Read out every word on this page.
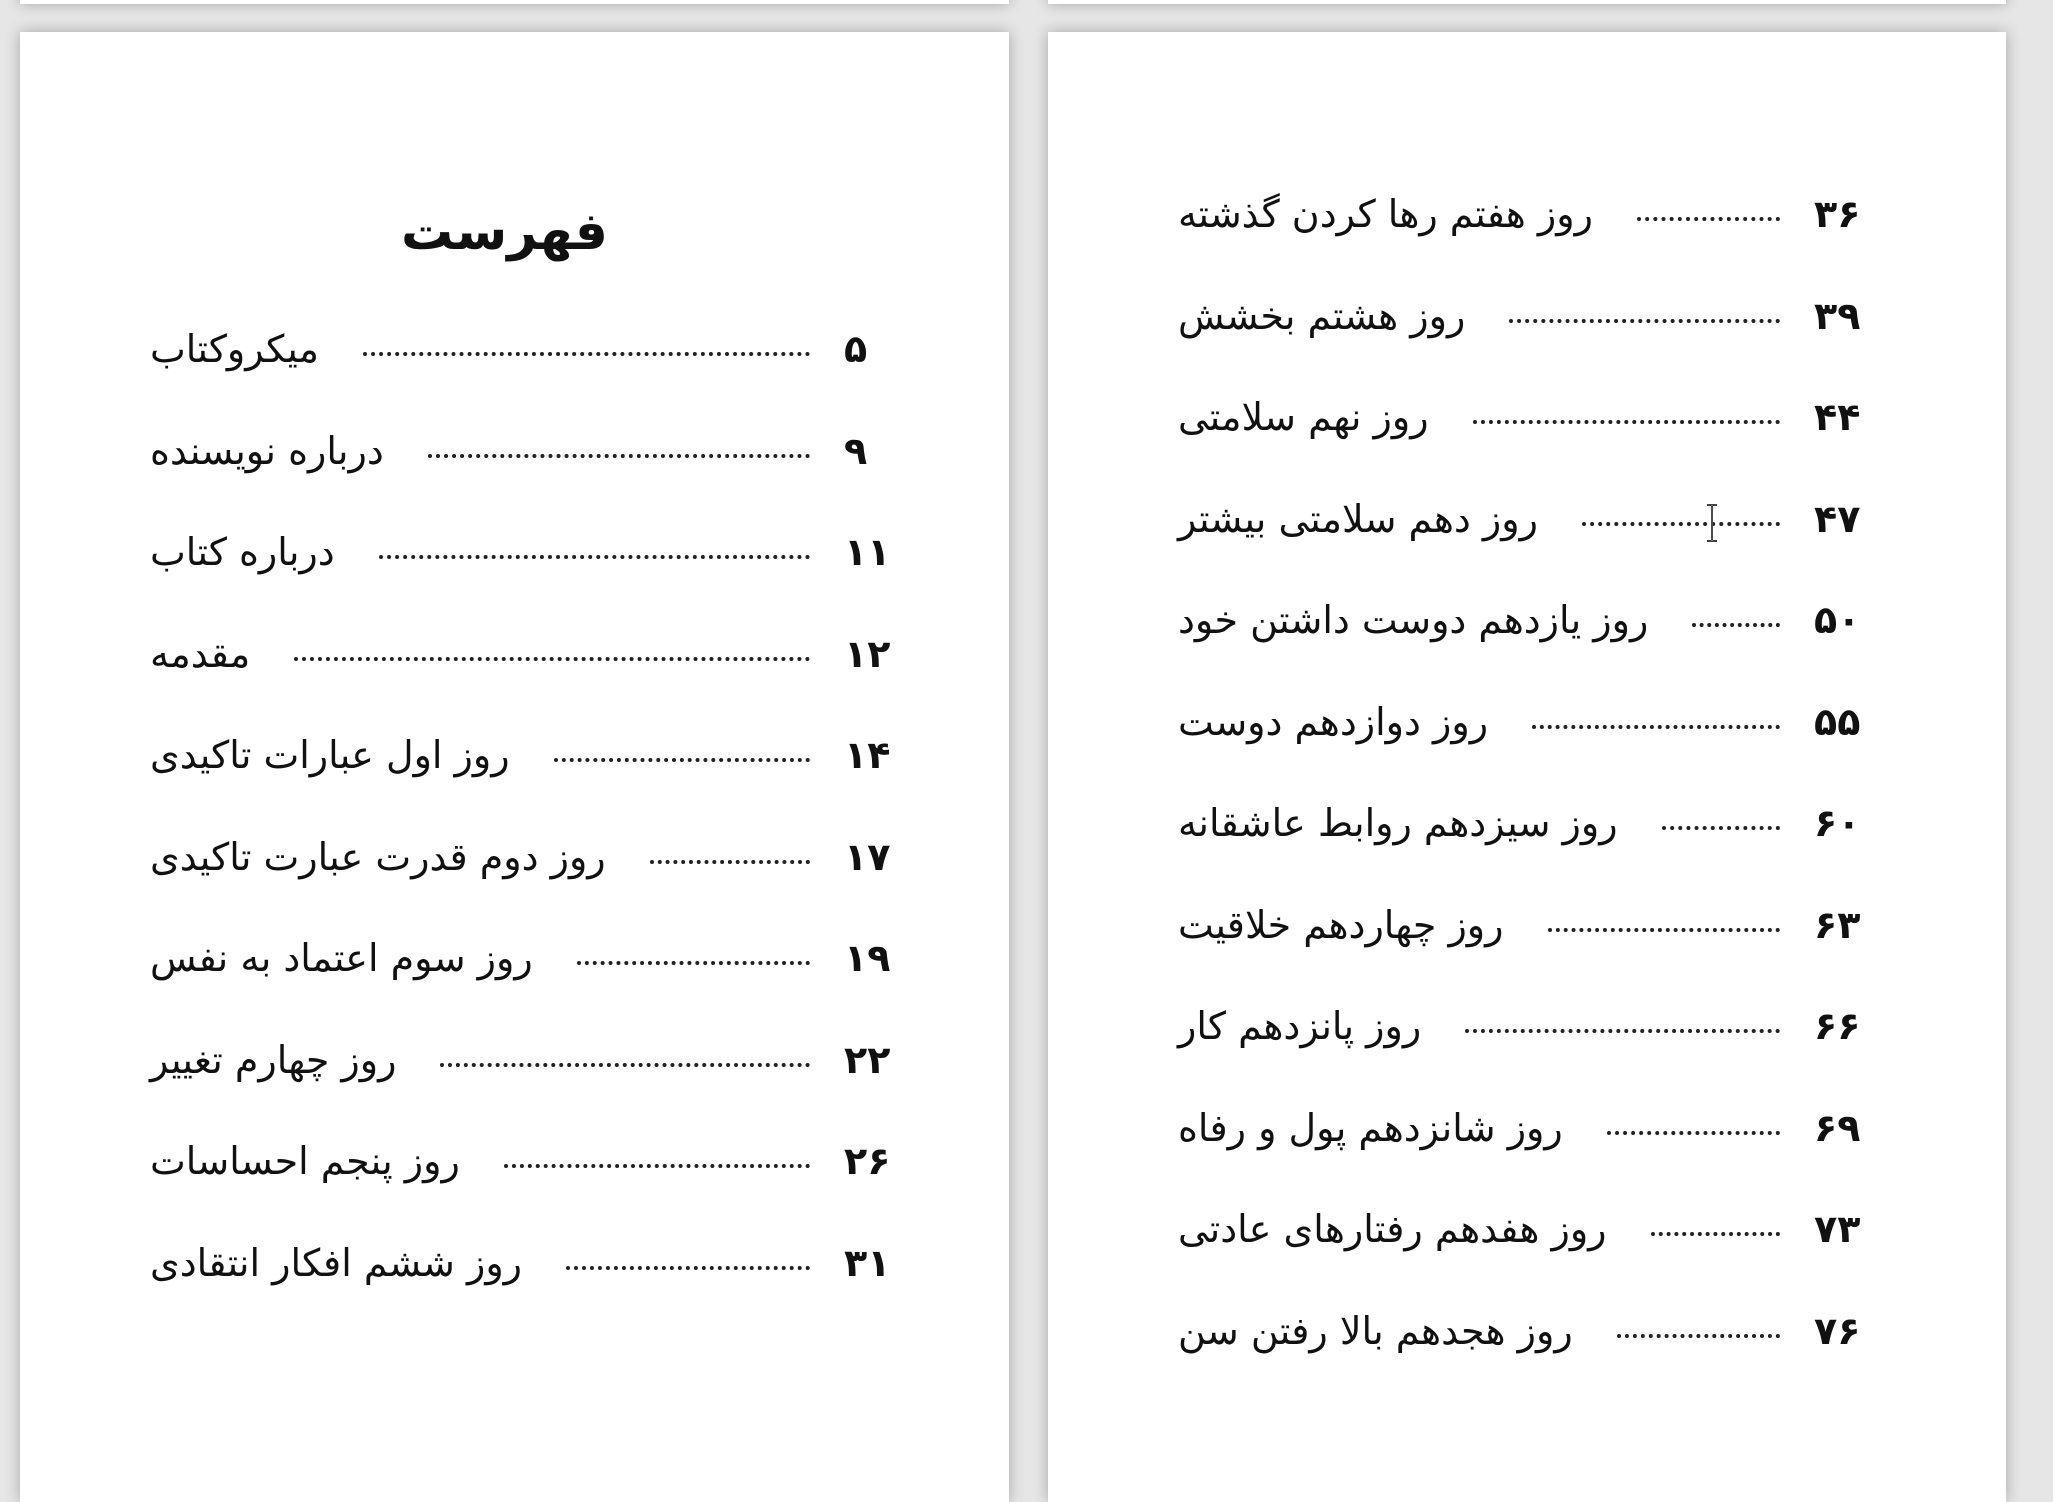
فهرست
میکروکتاب	۵
درباره نویسنده	۹
درباره کتاب	۱۱
مقدمه	۱۲
روز اول عبارات تاکیدی	۱۴
روز دوم قدرت عبارت تاکیدی	۱۷
روز سوم اعتماد به نفس	۱۹
روز چهارم تغییر	۲۲
روز پنجم احساسات	۲۶
روز ششم افکار انتقادی	۳۱
روز هفتم رها کردن گذشته	۳۶
روز هشتم بخشش	۳۹
روز نهم سلامتی	۴۴
روز دهم سلامتی بیشتر	۴۷
روز یازدهم دوست داشتن خود	۵۰
روز دوازدهم دوست	۵۵
روز سیزدهم روابط عاشقانه	۶۰
روز چهاردهم خلاقیت	۶۳
روز پانزدهم کار	۶۶
روز شانزدهم پول و رفاه	۶۹
روز هفدهم رفتارهای عادتی	۷۳
روز هجدهم بالا رفتن سن	۷۶
